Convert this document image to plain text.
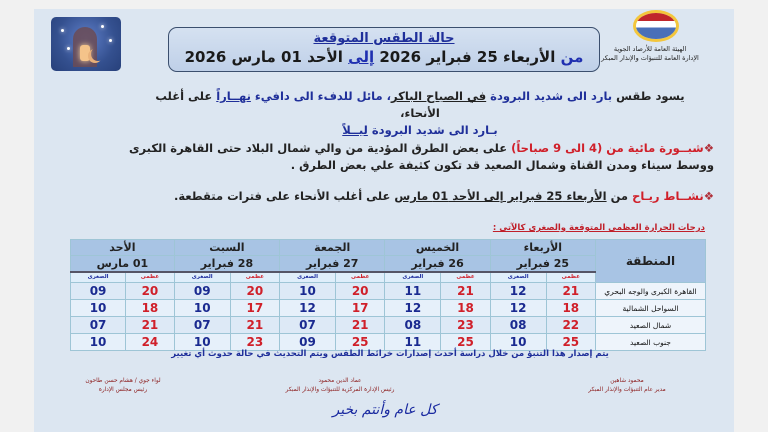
حالة الطقس المتوقعة
من الأربعاء 25 فبراير 2026 إلى الأحد 01 مارس 2026	الهيئة العامة للأرصاد الجوية
الإدارة العامة للتنبؤات والإنذار المبكر
يسود طقس بارد الى شديد البرودة في الصباح الباكر، مائل للدفء الى دافيء نهــاراً على أغلب الأنحاء،
بـارد الى شديد البرودة ليــلاً
❖شبــورة مائية من (4 الى 9 صباحاً) على بعض الطرق المؤدية من والي شمال البلاد حتى القاهرة الكبرى ووسط سيناء ومدن القناة وشمال الصعيد قد تكون كثيفة علي بعض الطرق .
❖نشــاط ريـاح من الأربعاء 25 فبراير إلى الأحد 01 مارس على أغلب الأنحاء على فترات متقطعة.
درجات الحرارة العظمى المتوقعة والصغرى كالآتى :
المنطقة	الأربعاء		الخميس		الجمعة		السبت		الأحد	
	25 فبراير		26 فبراير		27 فبراير		28 فبراير		01 مارس	
	عظمى	الصغرى	عظمى	الصغرى	عظمى	الصغرى	عظمى	الصغرى	عظمى	الصغرى
القاهرة الكبرى والوجه البحري	21	12	21	11	20	10	20	09	20	09
السواحل الشمالية	18	12	18	12	17	12	17	10	18	10
شمال الصعيد	22	08	23	08	21	07	21	07	21	07
جنوب الصعيد	25	10	25	11	25	09	23	10	24	10
يتم إصدار هذا التنبؤ من خلال دراسة أحدث إصدارات خرائط الطقس ويتم التحديث في حالة حدوث أي تغيير
محمود شاهين
مدير عام التنبؤات والإنذار المبكر
عماد الدين محمود
رئيس الإدارة المركزية للتنبؤات والإنذار المبكر
لواء جوي / هشام حسن طاحون
رئيس مجلس الإدارة
كل عام وأنتم بخير
